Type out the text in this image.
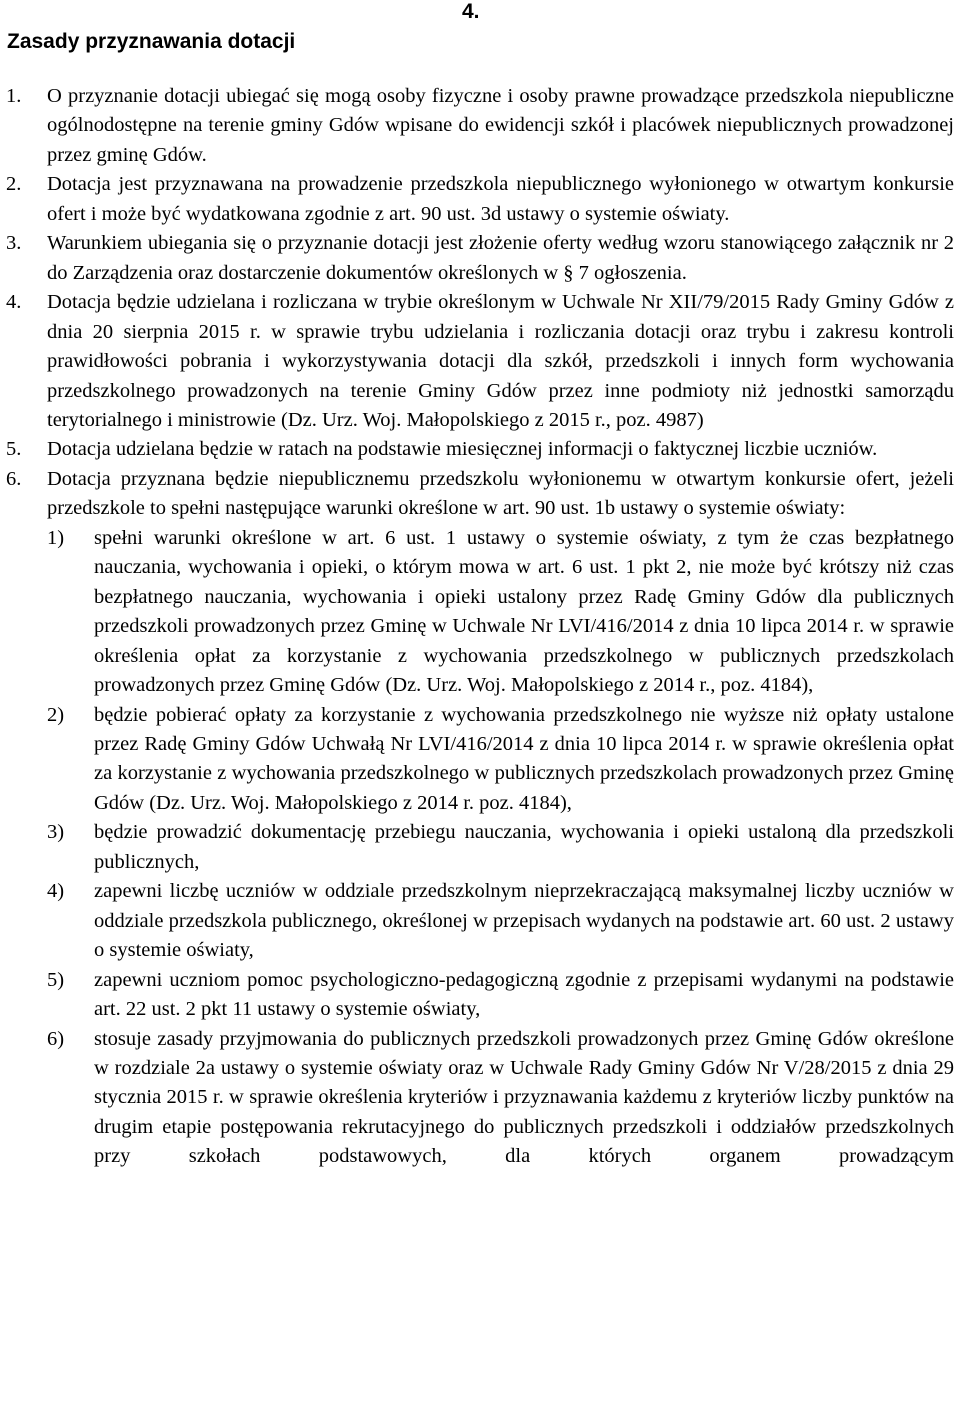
Zasady przyznawania dotacji
4.
1. O przyznanie dotacji ubiegać się mogą osoby fizyczne i osoby prawne prowadzące przedszkola niepubliczne ogólnodostępne na terenie gminy Gdów wpisane do ewidencji szkół i placówek niepublicznych prowadzonej przez gminę Gdów.
2. Dotacja jest przyznawana na prowadzenie przedszkola niepublicznego wyłonionego w otwartym konkursie ofert i może być wydatkowana zgodnie z art. 90 ust. 3d ustawy o systemie oświaty.
3. Warunkiem ubiegania się o przyznanie dotacji jest złożenie oferty według wzoru stanowiącego załącznik nr 2 do Zarządzenia oraz dostarczenie dokumentów określonych w § 7 ogłoszenia.
4. Dotacja będzie udzielana i rozliczana w trybie określonym w Uchwale Nr XII/79/2015 Rady Gminy Gdów z dnia 20 sierpnia 2015 r. w sprawie trybu udzielania i rozliczania dotacji oraz trybu i zakresu kontroli prawidłowości pobrania i wykorzystywania dotacji dla szkół, przedszkoli i innych form wychowania przedszkolnego prowadzonych na terenie Gminy Gdów przez inne podmioty niż jednostki samorządu terytorialnego i ministrowie (Dz. Urz. Woj. Małopolskiego z 2015 r., poz. 4987)
5. Dotacja udzielana będzie w ratach na podstawie miesięcznej informacji o faktycznej liczbie uczniów.
6. Dotacja przyznana będzie niepublicznemu przedszkolu wyłonionemu w otwartym konkursie ofert, jeżeli przedszkole to spełni następujące warunki określone w art. 90 ust. 1b ustawy o systemie oświaty:
1) spełni warunki określone w art. 6 ust. 1 ustawy o systemie oświaty, z tym że czas bezpłatnego nauczania, wychowania i opieki, o którym mowa w art. 6 ust. 1 pkt 2, nie może być krótszy niż czas bezpłatnego nauczania, wychowania i opieki ustalony przez Radę Gminy Gdów dla publicznych przedszkoli prowadzonych przez Gminę w Uchwale Nr LVI/416/2014 z dnia 10 lipca 2014 r. w sprawie określenia opłat za korzystanie z wychowania przedszkolnego w publicznych przedszkolach prowadzonych przez Gminę Gdów (Dz. Urz. Woj. Małopolskiego z 2014 r., poz. 4184),
2) będzie pobierać opłaty za korzystanie z wychowania przedszkolnego nie wyższe niż opłaty ustalone przez Radę Gminy Gdów Uchwałą Nr LVI/416/2014 z dnia 10 lipca 2014 r. w sprawie określenia opłat za korzystanie z wychowania przedszkolnego w publicznych przedszkolach prowadzonych przez Gminę Gdów (Dz. Urz. Woj. Małopolskiego z 2014 r. poz. 4184),
3) będzie prowadzić dokumentację przebiegu nauczania, wychowania i opieki ustaloną dla przedszkoli publicznych,
4) zapewni liczbę uczniów w oddziale przedszkolnym nieprzekraczającą maksymalnej liczby uczniów w oddziale przedszkola publicznego, określonej w przepisach wydanych na podstawie art. 60 ust. 2 ustawy o systemie oświaty,
5) zapewni uczniom pomoc psychologiczno-pedagogiczną zgodnie z przepisami wydanymi na podstawie art. 22 ust. 2 pkt 11 ustawy o systemie oświaty,
6) stosuje zasady przyjmowania do publicznych przedszkoli prowadzonych przez Gminę Gdów określone w rozdziale 2a ustawy o systemie oświaty oraz w Uchwale Rady Gminy Gdów Nr V/28/2015 z dnia 29 stycznia 2015 r. w sprawie określenia kryteriów i przyznawania każdemu z kryteriów liczby punktów na drugim etapie postępowania rekrutacyjnego do publicznych przedszkoli i oddziałów przedszkolnych przy szkołach podstawowych, dla których organem prowadzącym
